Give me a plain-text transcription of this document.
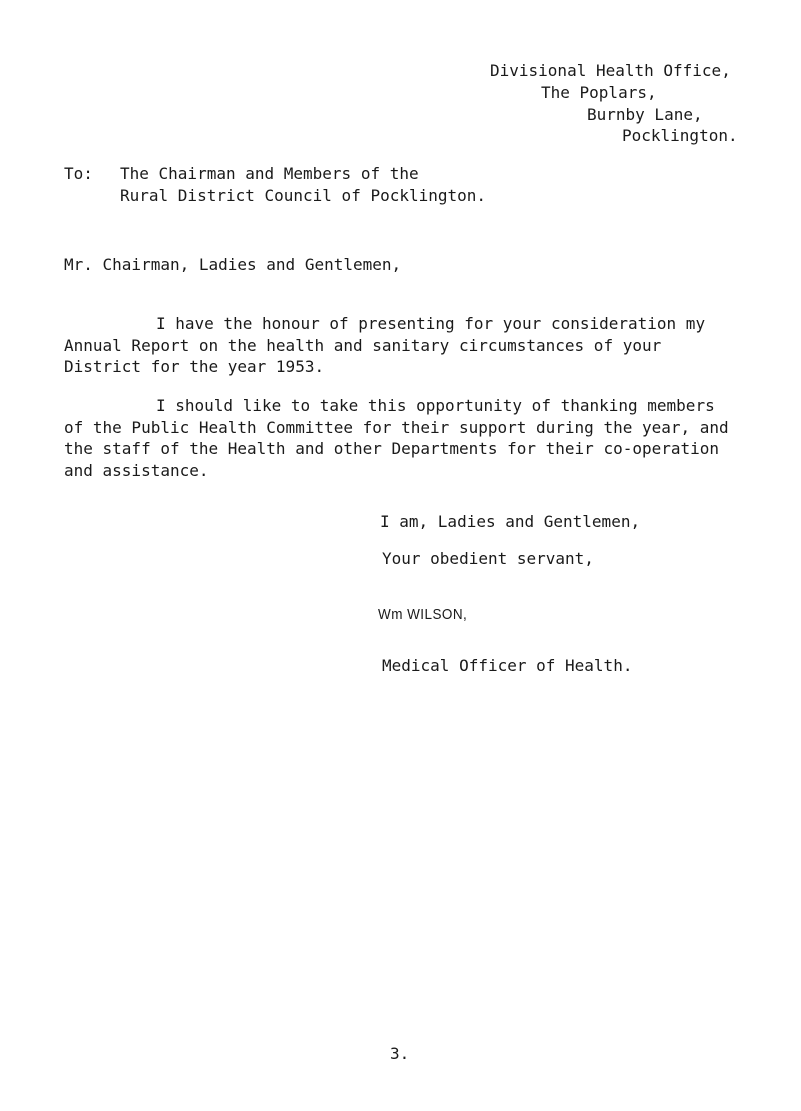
Divisional Health Office,
The Poplars,
Burnby Lane,
Pocklington.
To: The Chairman and Members of the
Rural District Council of Pocklington.
Mr. Chairman, Ladies and Gentlemen,
I have the honour of presenting for your consideration my
Annual Report on the health and sanitary circumstances of your
District for the year 1953.
I should like to take this opportunity of thanking members
of the Public Health Committee for their support during the year, and
the staff of the Health and other Departments for their co-operation
and assistance.
I am, Ladies and Gentlemen,
Your obedient servant,
Wm WILSON,
Medical Officer of Health.
3.
